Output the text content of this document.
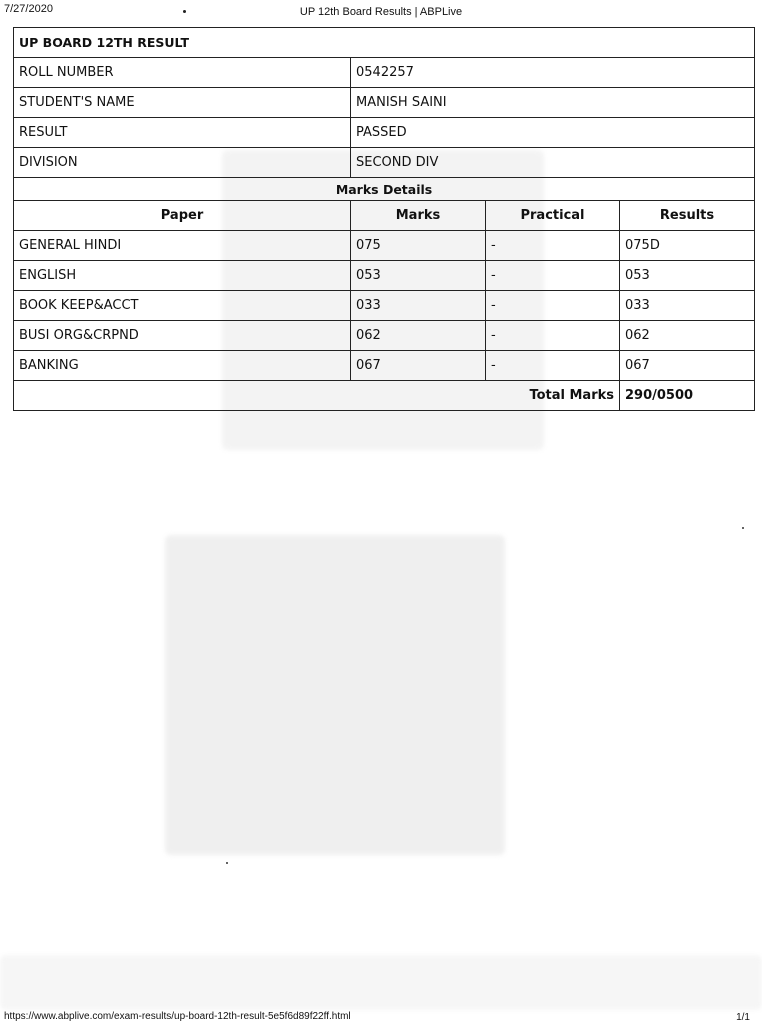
7/27/2020	UP 12th Board Results | ABPLive
UP BOARD 12TH RESULT			
ROLL NUMBER	0542257		
STUDENT'S NAME	MANISH SAINI		
RESULT	PASSED		
DIVISION	SECOND DIV		
Marks Details			
Paper	Marks	Practical	Results
GENERAL HINDI	075	-	075D
ENGLISH	053	-	053
BOOK KEEP&ACCT	033	-	033
BUSI ORG&CRPND	062	-	062
BANKING	067	-	067
Total Marks			290/0500
https://www.abplive.com/exam-results/up-board-12th-result-5e5f6d89f22ff.html	1/1
